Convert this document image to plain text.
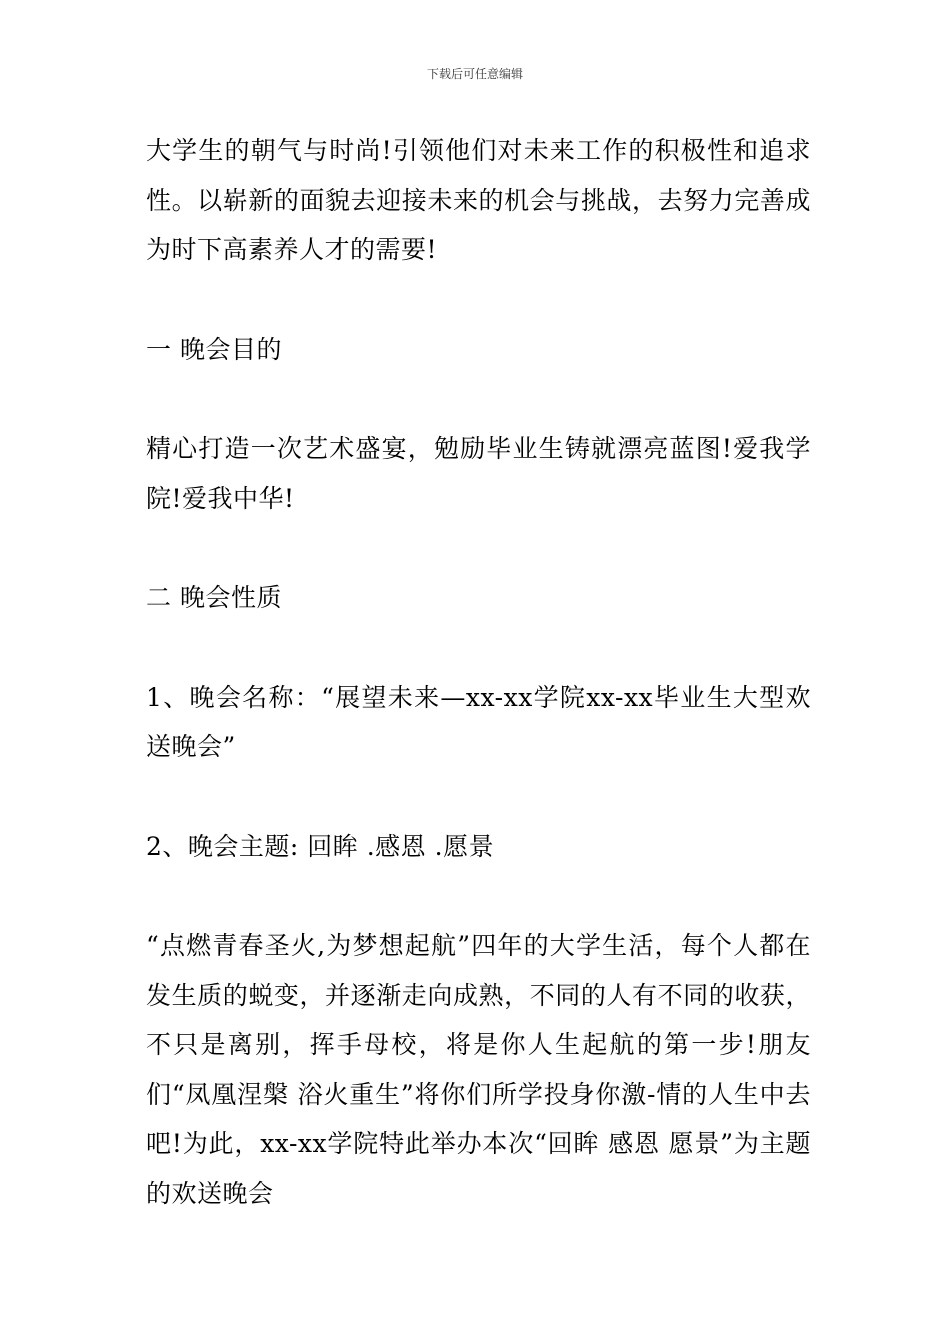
下载后可任意编辑

大学生的朝气与时尚!引领他们对未来工作的积极性和追求性。以崭新的面貌去迎接未来的机会与挑战，去努力完善成为时下高素养人才的需要!

一 晚会目的

精心打造一次艺术盛宴，勉励毕业生铸就漂亮蓝图!爱我学院!爱我中华!

二 晚会性质

1、晚会名称：“展望未来—xx-xx学院xx-xx毕业生大型欢送晚会”

2、晚会主题: 回眸 .感恩 .愿景

“点燃青春圣火,为梦想起航”四年的大学生活，每个人都在发生质的蜕变，并逐渐走向成熟，不同的人有不同的收获，不只是离别，挥手母校，将是你人生起航的第一步!朋友们“凤凰涅槃 浴火重生”将你们所学投身你激-情的人生中去吧!为此，xx-xx学院特此举办本次“回眸 感恩 愿景”为主题的欢送晚会
